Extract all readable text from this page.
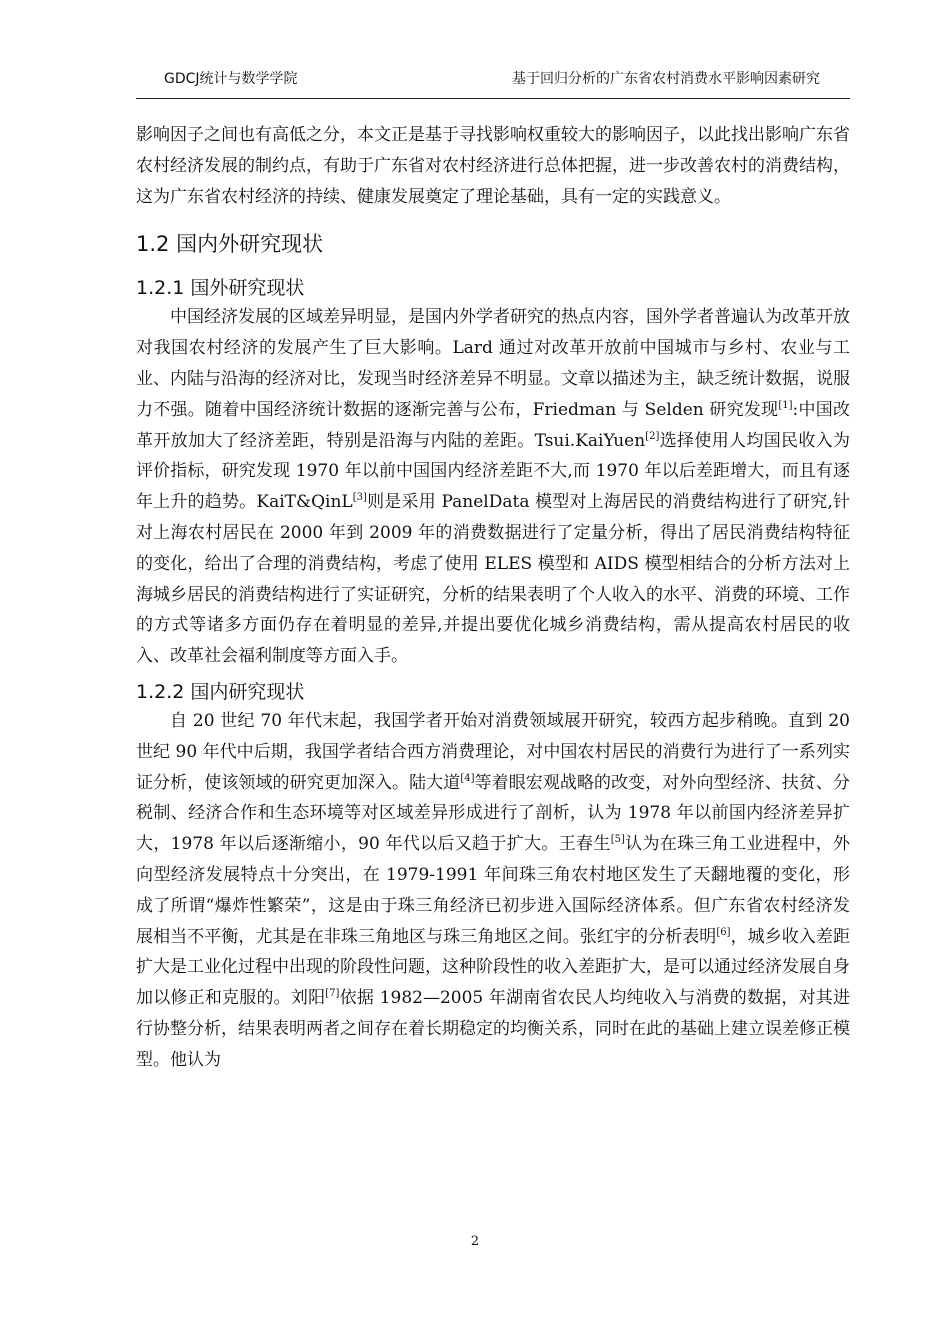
GDCJ统计与数学学院	基于回归分析的广东省农村消费水平影响因素研究

影响因子之间也有高低之分，本文正是基于寻找影响权重较大的影响因子，以此找出影响广东省农村经济发展的制约点，有助于广东省对农村经济进行总体把握，进一步改善农村的消费结构，这为广东省农村经济的持续、健康发展奠定了理论基础，具有一定的实践意义。

1.2 国内外研究现状
1.2.1 国外研究现状

中国经济发展的区域差异明显，是国内外学者研究的热点内容，国外学者普遍认为改革开放对我国农村经济的发展产生了巨大影响。Lard 通过对改革开放前中国城市与乡村、农业与工业、内陆与沿海的经济对比，发现当时经济差异不明显。文章以描述为主，缺乏统计数据，说服力不强。随着中国经济统计数据的逐渐完善与公布，Friedman 与 Selden 研究发现[1]:中国改革开放加大了经济差距，特别是沿海与内陆的差距。Tsui.KaiYuen[2]选择使用人均国民收入为评价指标，研究发现 1970 年以前中国国内经济差距不大,而 1970 年以后差距增大，而且有逐年上升的趋势。KaiT&QinL[3]则是采用 PanelData 模型对上海居民的消费结构进行了研究,针对上海农村居民在 2000 年到 2009 年的消费数据进行了定量分析，得出了居民消费结构特征的变化，给出了合理的消费结构，考虑了使用 ELES 模型和 AIDS 模型相结合的分析方法对上海城乡居民的消费结构进行了实证研究，分析的结果表明了个人收入的水平、消费的环境、工作的方式等诸多方面仍存在着明显的差异,并提出要优化城乡消费结构，需从提高农村居民的收入、改革社会福利制度等方面入手。

1.2.2 国内研究现状

自 20 世纪 70 年代末起，我国学者开始对消费领域展开研究，较西方起步稍晚。直到 20 世纪 90 年代中后期，我国学者结合西方消费理论，对中国农村居民的消费行为进行了一系列实证分析，使该领域的研究更加深入。陆大道[4]等着眼宏观战略的改变，对外向型经济、扶贫、分税制、经济合作和生态环境等对区域差异形成进行了剖析，认为 1978 年以前国内经济差异扩大，1978 年以后逐渐缩小，90 年代以后又趋于扩大。王春生[5]认为在珠三角工业进程中，外向型经济发展特点十分突出，在 1979-1991 年间珠三角农村地区发生了天翻地覆的变化，形成了所谓“爆炸性繁荣”，这是由于珠三角经济已初步进入国际经济体系。但广东省农村经济发展相当不平衡，尤其是在非珠三角地区与珠三角地区之间。张红宇的分析表明[6]，城乡收入差距扩大是工业化过程中出现的阶段性问题，这种阶段性的收入差距扩大，是可以通过经济发展自身加以修正和克服的。刘阳[7]依据 1982—2005 年湖南省农民人均纯收入与消费的数据，对其进行协整分析，结果表明两者之间存在着长期稳定的均衡关系，同时在此的基础上建立误差修正模型。他认为

2
